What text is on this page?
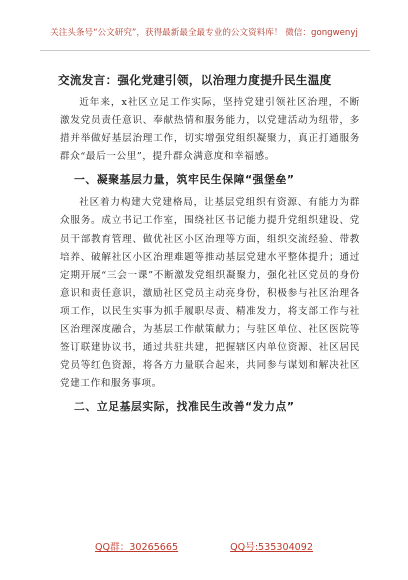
关注头条号“公文研究”，获得最新最全最专业的公文资料库！ 微信：gongwenyj
交流发言：强化党建引领，以治理力度提升民生温度

近年来，x社区立足工作实际，坚持党建引领社区治理，不断激发党员责任意识、奉献热情和服务能力，以党建活动为纽带，多措并举做好基层治理工作，切实增强党组织凝聚力，真正打通服务群众“最后一公里”，提升群众满意度和幸福感。

一、凝聚基层力量，筑牢民生保障“强堡垒”

社区着力构建大党建格局，让基层党组织有资源、有能力为群众服务。成立书记工作室，围绕社区书记能力提升党组织建设、党员干部教育管理、做优社区小区治理等方面，组织交流经验、带教培养、破解社区小区治理难题等推动基层党建水平整体提升；通过定期开展“三会一课”不断激发党组织凝聚力，强化社区党员的身份意识和责任意识，激励社区党员主动亮身份，积极参与社区治理各项工作，以民生实事为抓手履职尽责、精准发力，将支部工作与社区治理深度融合，为基层工作献策献力；与驻区单位、社区医院等签订联建协议书，通过共驻共建，把握辖区内单位资源、社区居民党员等红色资源，将各方力量联合起来，共同参与谋划和解决社区党建工作和服务事项。

二、立足基层实际，找准民生改善“发力点”
QQ群：30265665	QQ号:535304092
